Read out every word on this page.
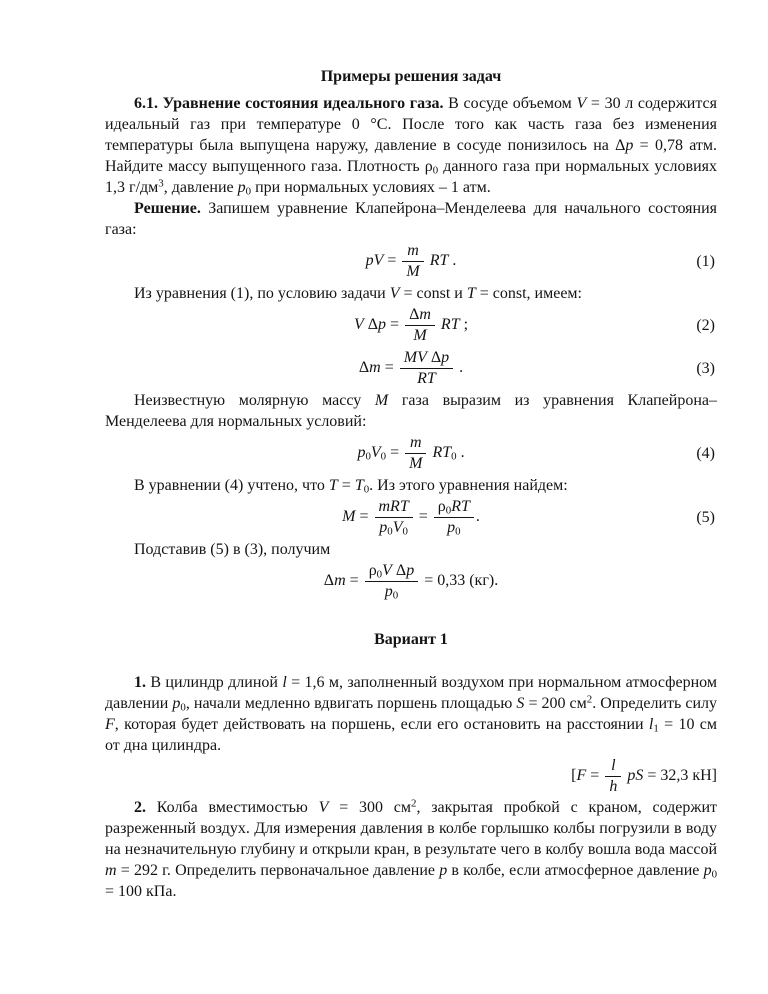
Примеры решения задач

6.1. Уравнение состояния идеального газа. В сосуде объемом V = 30 л содержится идеальный газ при температуре 0 °С. После того как часть газа без изменения температуры была выпущена наружу, давление в сосуде понизилось на Δp = 0,78 атм. Найдите массу выпущенного газа. Плотность $\rho_0$ данного газа при нормальных условиях 1,3 $г/дм^3$, давление $p_0$ при нормальных условиях – 1 атм.

Решение. Запишем уравнение Клапейрона–Менделеева для начального состояния газа:

pV = $\frac{m}{M}$ RT .	(1)

Из уравнения (1), по условию задачи V = const и T = const, имеем:

V $\Delta p = \frac{\Delta m}{M}$ RT ;	(2)
$\Delta m = \frac{\text{MV Δp}}{RT}$ .	(3)

Неизвестную молярную массу M газа выразим из уравнения Клапейрона–Менделеева для нормальных условий:

$p_0V_0 = \frac{m}{M} RT_0$ .	(4)

В уравнении (4) учтено, что $T = T_0$. Из этого уравнения найдем:

$M = \frac{\text{mRT}}{p_0V_0} = \frac{\rho_0RT}{p_0}$ .	(5)

Подставив (5) в (3), получим

$\Delta m = \frac{\rho_0V \Delta p}{p_0} = 0,33$ (кг).
Вариант 1

1. В цилиндр длиной l = 1,6 м, заполненный воздухом при нормальном атмосферном давлении $p_0$, начали медленно вдвигать поршень площадью S = 200 $см^2$. Определить силу F, которая будет действовать на поршень, если его остановить на расстоянии $l_1 = 10$ см от дна цилиндра.

[$F = \frac{l}{h}$ pS = 32,3 кН]

2. Колба вместимостью V = 300 $см^2$, закрытая пробкой с краном, содержит разреженный воздух. Для измерения давления в колбе горлышко колбы погрузили в воду на незначительную глубину и открыли кран, в результате чего в колбу вошла вода массой m = 292 г. Определить первоначальное давление p в колбе, если атмосферное давление $p_0 = 100$ кПа.
